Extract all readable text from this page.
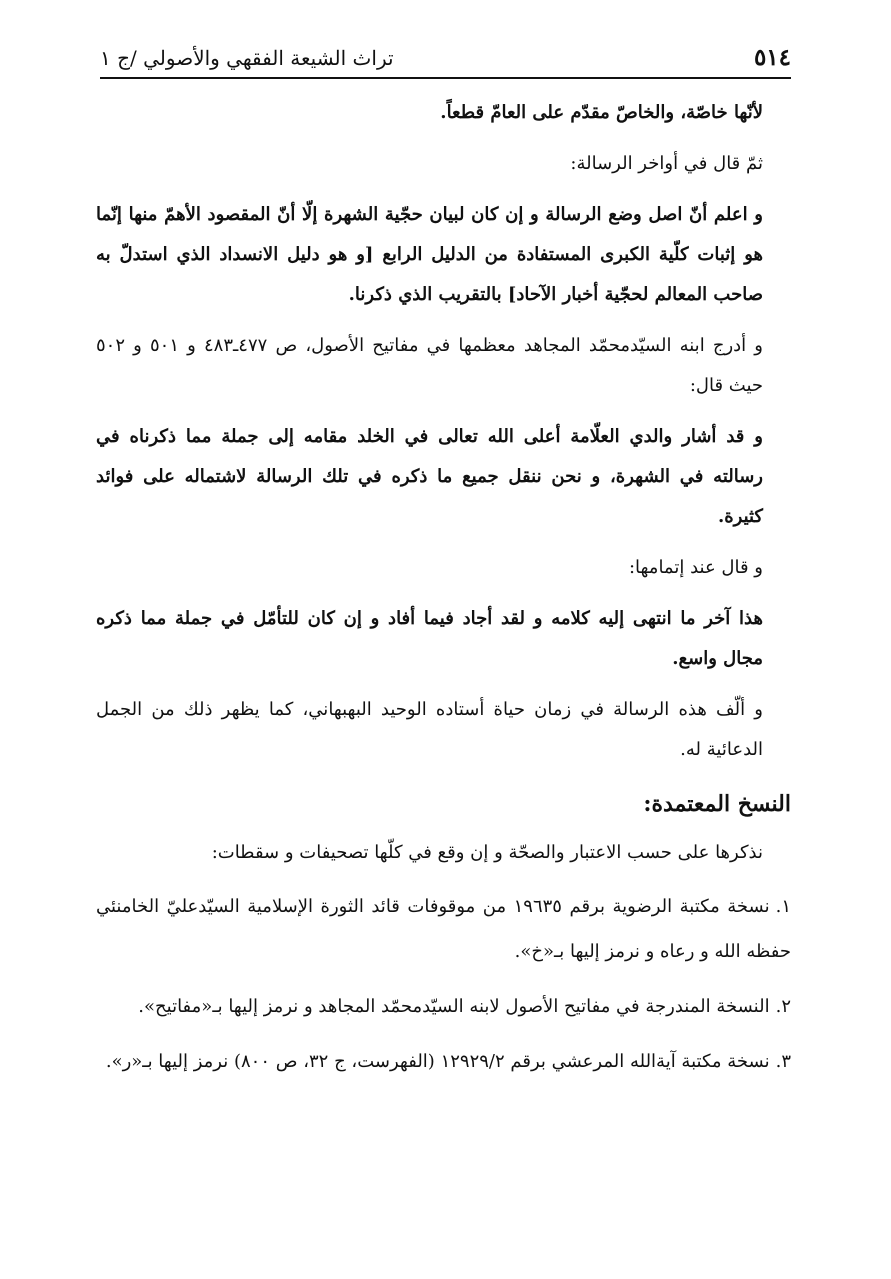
٥١٤
تراث الشيعة الفقهي والأصولي /ج ١

لأنّها خاصّة، والخاصّ مقدّم على العامّ قطعاً.

ثمّ قال في أواخر الرسالة:

و اعلم أنّ اصل وضع الرسالة و إن كان لبيان حجّية الشهرة إلّا أنّ المقصود الأهمّ منها إنّما هو إثبات كلّية الكبرى المستفادة من الدليل الرابع [و هو دليل الانسداد الذي استدلّ به صاحب المعالم لحجّية أخبار الآحاد] بالتقريب الذي ذكرنا.

و أدرج ابنه السيّدمحمّد المجاهد معظمها في مفاتيح الأصول، ص ٤٧٧ـ٤٨٣ و ٥٠١ و ٥٠٢ حيث قال:

و قد أشار والدي العلّامة أعلى الله تعالى في الخلد مقامه إلى جملة مما ذكرناه في رسالته في الشهرة، و نحن ننقل جميع ما ذكره في تلك الرسالة لاشتماله على فوائد كثيرة.

و قال عند إتمامها:

هذا آخر ما انتهى إليه كلامه و لقد أجاد فيما أفاد و إن كان للتأمّل في جملة مما ذكره مجال واسع.

و ألّف هذه الرسالة في زمان حياة أستاده الوحيد البهبهاني، كما يظهر ذلك من الجمل الدعائية له.

النسخ المعتمدة:

نذكرها على حسب الاعتبار والصحّة و إن وقع في كلّها تصحيفات و سقطات:

١.نسخة مكتبة الرضوية برقم ١٩٦٣٥ من موقوفات قائد الثورة الإسلامية السيّدعليّ الخامنئي حفظه الله و رعاه و نرمز إليها بـ«خ».

٢.النسخة المندرجة في مفاتيح الأصول لابنه السيّدمحمّد المجاهد و نرمز إليها بـ«مفاتيح».

٣.نسخة مكتبة آيةالله المرعشي برقم ١٢٩٢٩/٢ (الفهرست، ج ٣٢، ص ٨٠٠) نرمز إليها بـ«ر».
